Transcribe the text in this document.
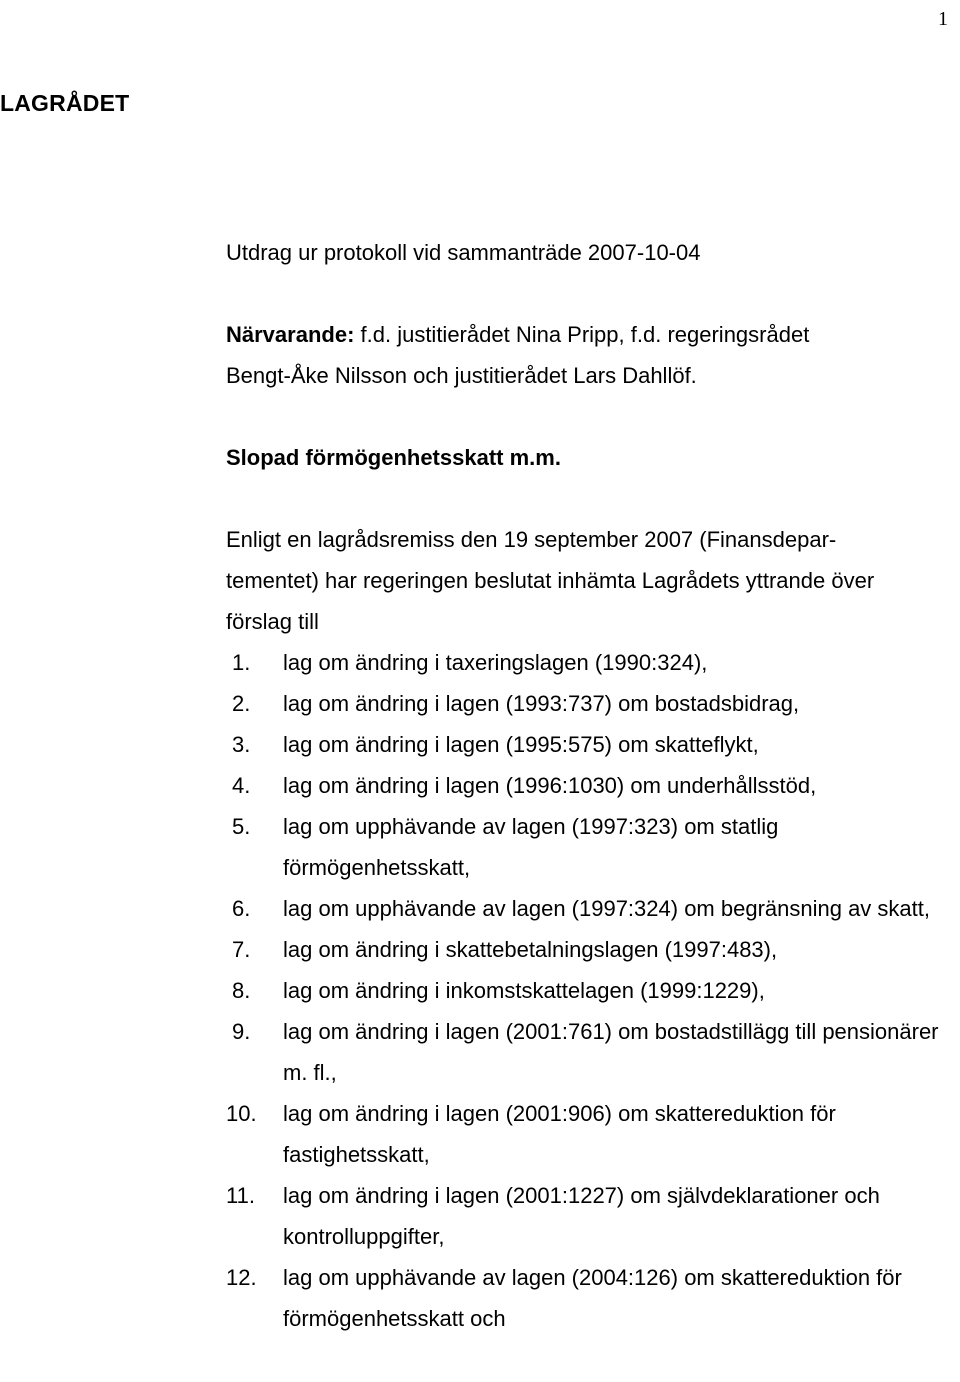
1
LAGRÅDET

Utdrag ur protokoll vid sammanträde 2007-10-04

Närvarande: f.d. justitierådet Nina Pripp, f.d. regeringsrådet

Bengt-Åke Nilsson och justitierådet Lars Dahllöf.

Slopad förmögenhetsskatt m.m.

Enligt en lagrådsremiss den 19 september 2007 (Finansdepar-

tementet) har regeringen beslutat inhämta Lagrådets yttrande över

förslag till

1.	lag om ändring i taxeringslagen (1990:324),
2.	lag om ändring i lagen (1993:737) om bostadsbidrag,
3.	lag om ändring i lagen (1995:575) om skatteflykt,
4.	lag om ändring i lagen (1996:1030) om underhållsstöd,
5.	lag om upphävande av lagen (1997:323) om statlig förmögenhetsskatt,
6.	lag om upphävande av lagen (1997:324) om begränsning av skatt,
7.	lag om ändring i skattebetalningslagen (1997:483),
8.	lag om ändring i inkomstskattelagen (1999:1229),
9.	lag om ändring i lagen (2001:761) om bostadstillägg till pensionärer m. fl.,
10.	lag om ändring i lagen (2001:906) om skattereduktion för fastighetsskatt,
11.	lag om ändring i lagen (2001:1227) om självdeklarationer och kontrolluppgifter,
12.	lag om upphävande av lagen (2004:126) om skattereduktion för förmögenhetsskatt och
